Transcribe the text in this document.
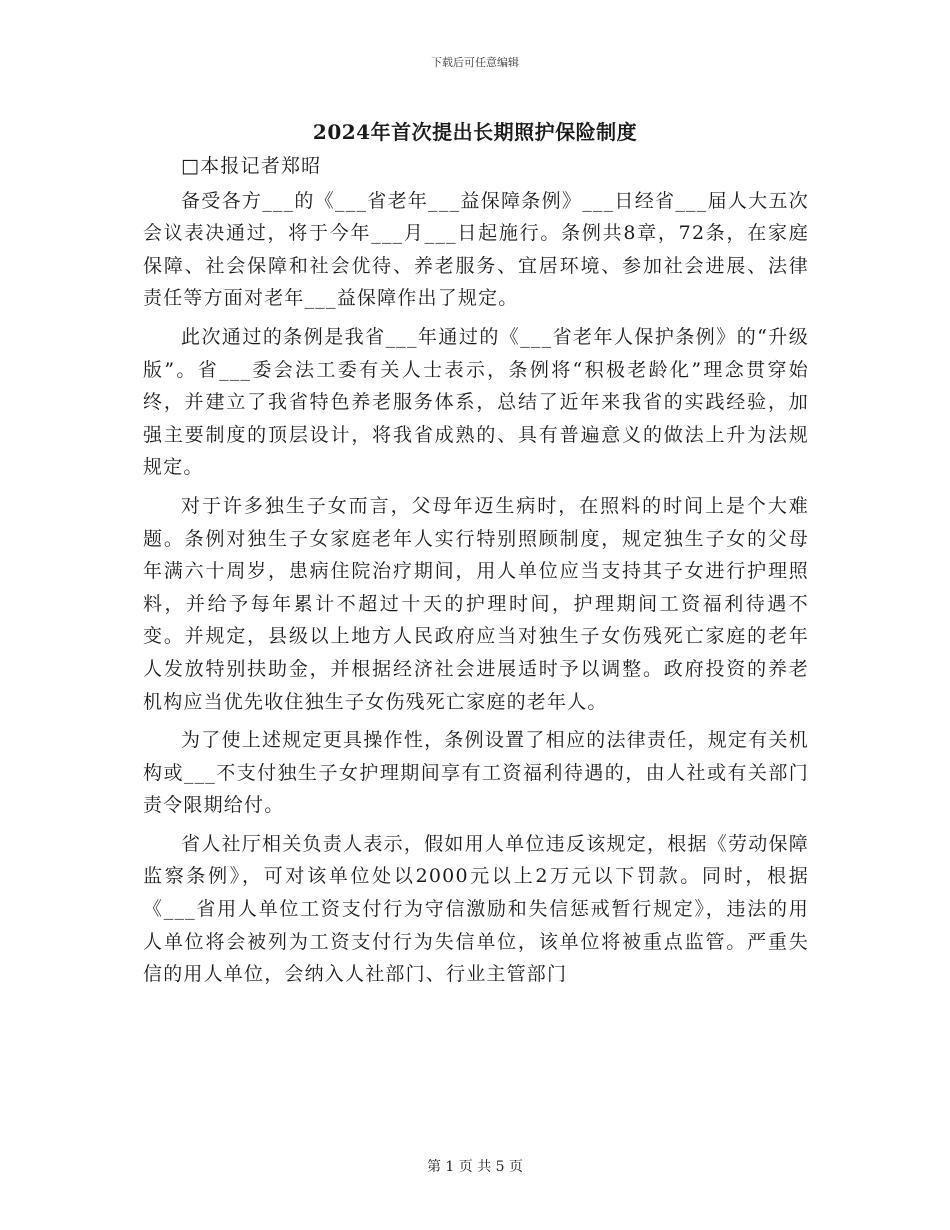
下载后可任意编辑
2024年首次提出长期照护保险制度

□本报记者郑昭

备受各方___的《___省老年___益保障条例》___日经省___届人大五次会议表决通过，将于今年___月___日起施行。条例共8章，72条，在家庭保障、社会保障和社会优待、养老服务、宜居环境、参加社会进展、法律责任等方面对老年___益保障作出了规定。

此次通过的条例是我省___年通过的《___省老年人保护条例》的“升级版”。省___委会法工委有关人士表示，条例将“积极老龄化”理念贯穿始终，并建立了我省特色养老服务体系，总结了近年来我省的实践经验，加强主要制度的顶层设计，将我省成熟的、具有普遍意义的做法上升为法规规定。

对于许多独生子女而言，父母年迈生病时，在照料的时间上是个大难题。条例对独生子女家庭老年人实行特别照顾制度，规定独生子女的父母年满六十周岁，患病住院治疗期间，用人单位应当支持其子女进行护理照料，并给予每年累计不超过十天的护理时间，护理期间工资福利待遇不变。并规定，县级以上地方人民政府应当对独生子女伤残死亡家庭的老年人发放特别扶助金，并根据经济社会进展适时予以调整。政府投资的养老机构应当优先收住独生子女伤残死亡家庭的老年人。

为了使上述规定更具操作性，条例设置了相应的法律责任，规定有关机构或___不支付独生子女护理期间享有工资福利待遇的，由人社或有关部门责令限期给付。

省人社厅相关负责人表示，假如用人单位违反该规定，根据《劳动保障监察条例》，可对该单位处以2000元以上2万元以下罚款。同时，根据《___省用人单位工资支付行为守信激励和失信惩戒暂行规定》，违法的用人单位将会被列为工资支付行为失信单位，该单位将被重点监管。严重失信的用人单位，会纳入人社部门、行业主管部门

第 1 页 共 5 页
